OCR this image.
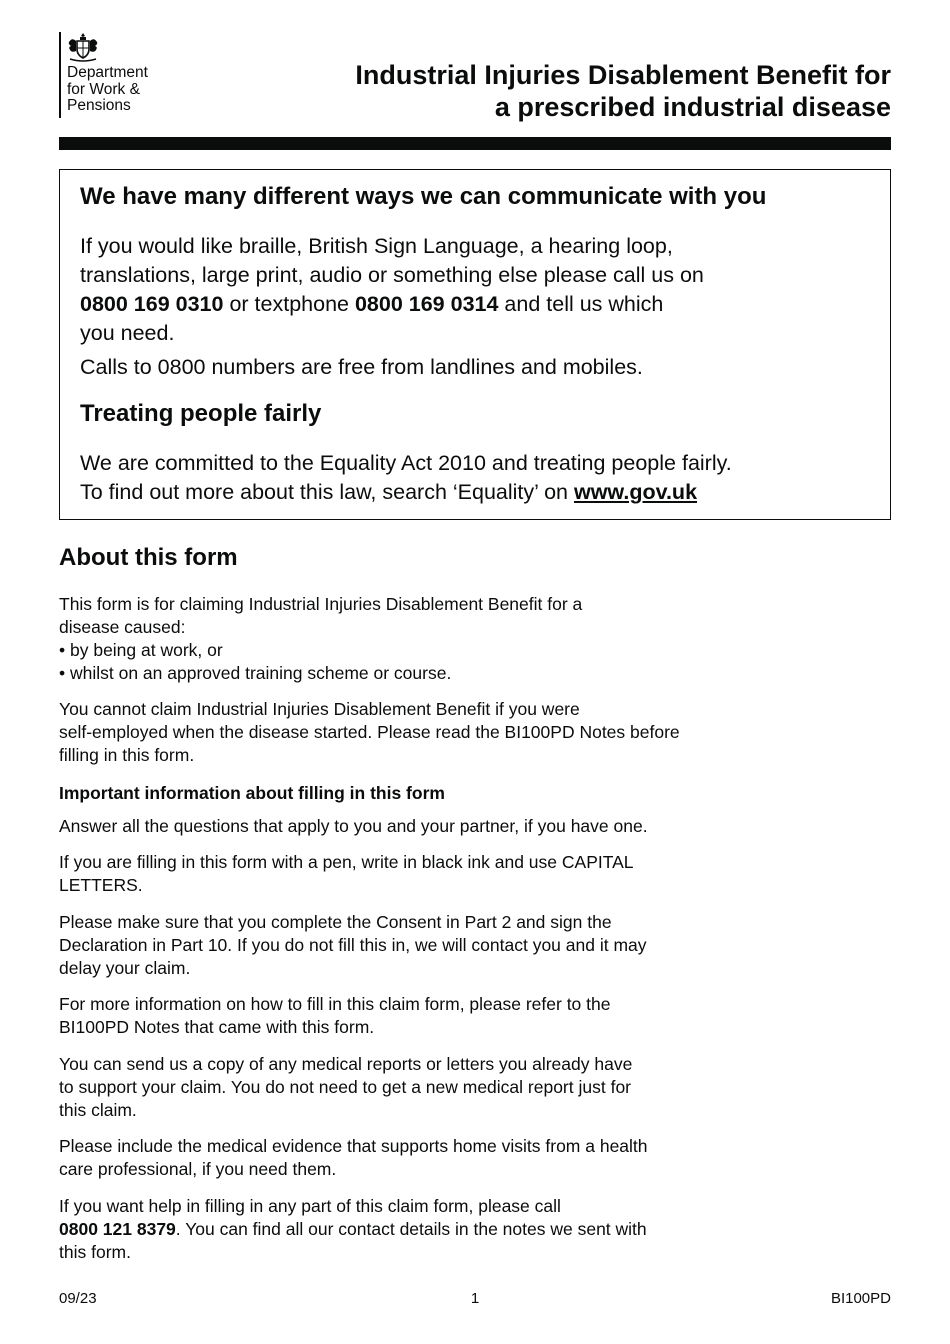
Department
for Work &
Pensions
Industrial Injuries Disablement Benefit for
a prescribed industrial disease
We have many different ways we can communicate with you

If you would like braille, British Sign Language, a hearing loop,

translations, large print, audio or something else please call us on

0800 169 0310 or textphone 0800 169 0314 and tell us which

you need.

Calls to 0800 numbers are free from landlines and mobiles.
Treating people fairly

We are committed to the Equality Act 2010 and treating people fairly.

To find out more about this law, search ‘Equality’ on www.gov.uk

About this form

This form is for claiming Industrial Injuries Disablement Benefit for a

disease caused:

• by being at work, or

• whilst on an approved training scheme or course.

You cannot claim Industrial Injuries Disablement Benefit if you were

self-employed when the disease started. Please read the BI100PD Notes before

filling in this form.

Important information about filling in this form
Answer all the questions that apply to you and your partner, if you have one.

If you are filling in this form with a pen, write in black ink and use CAPITAL

LETTERS.

Please make sure that you complete the Consent in Part 2 and sign the

Declaration in Part 10. If you do not fill this in, we will contact you and it may

delay your claim.

For more information on how to fill in this claim form, please refer to the

BI100PD Notes that came with this form.

You can send us a copy of any medical reports or letters you already have

to support your claim. You do not need to get a new medical report just for

this claim.

Please include the medical evidence that supports home visits from a health

care professional, if you need them.

If you want help in filling in any part of this claim form, please call

0800 121 8379. You can find all our contact details in the notes we sent with

this form.

09/23	1	BI100PD
